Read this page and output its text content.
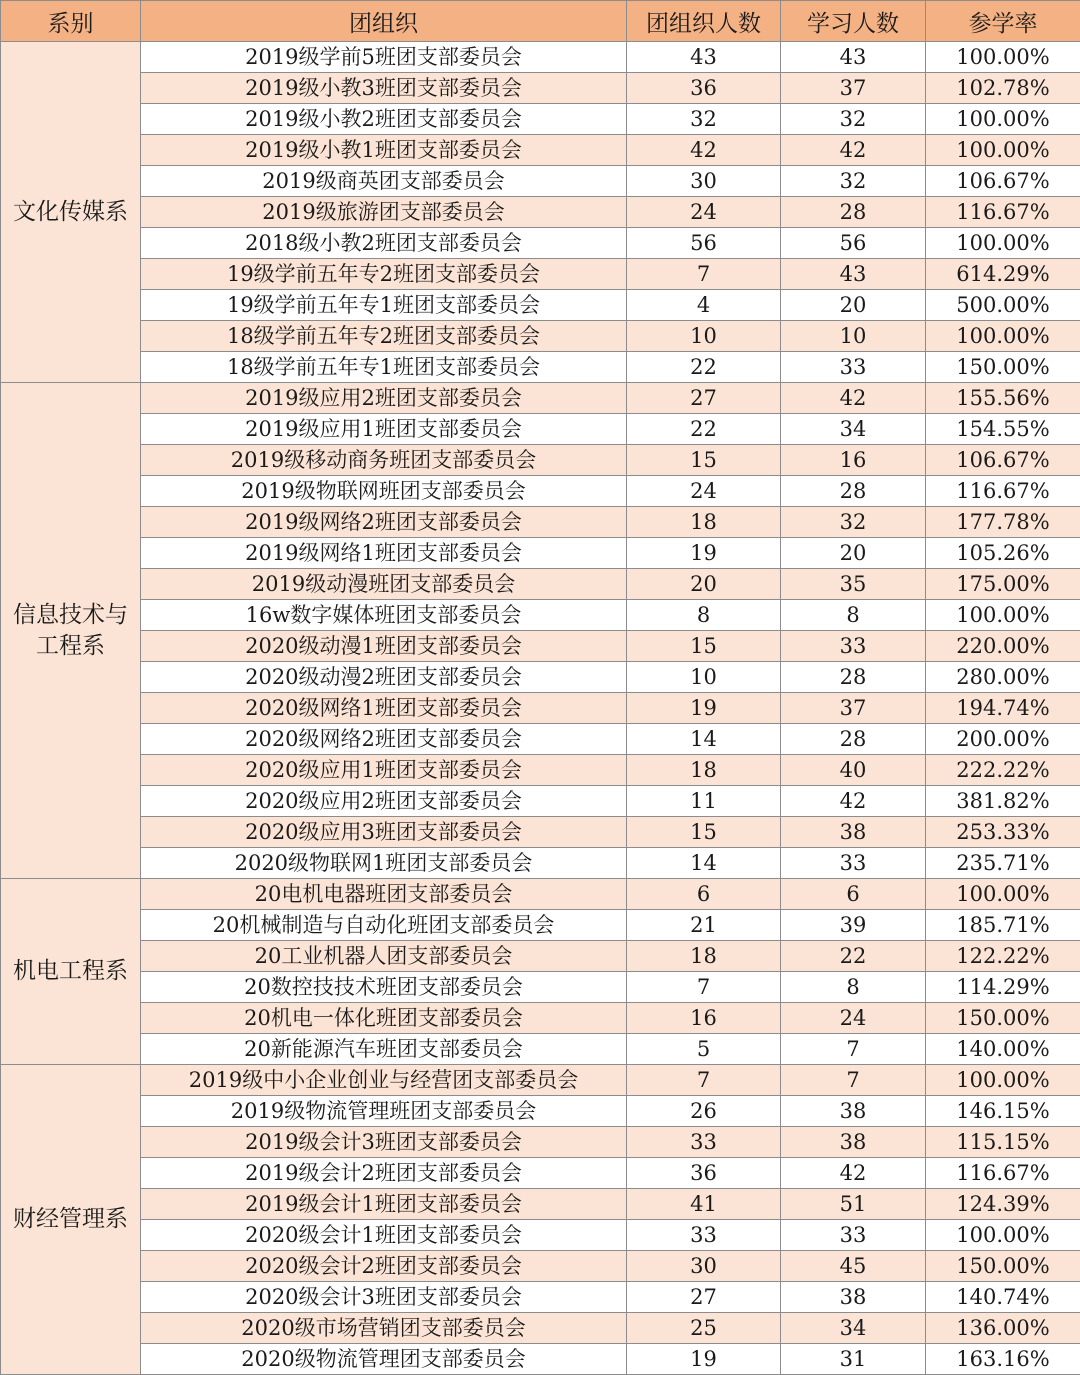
系别	团组织	团组织人数	学习人数	参学率
文化传媒系	2019级学前5班团支部委员会	43	43	100.00%
	2019级小教3班团支部委员会	36	37	102.78%
	2019级小教2班团支部委员会	32	32	100.00%
	2019级小教1班团支部委员会	42	42	100.00%
	2019级商英团支部委员会	30	32	106.67%
	2019级旅游团支部委员会	24	28	116.67%
	2018级小教2班团支部委员会	56	56	100.00%
	19级学前五年专2班团支部委员会	7	43	614.29%
	19级学前五年专1班团支部委员会	4	20	500.00%
	18级学前五年专2班团支部委员会	10	10	100.00%
	18级学前五年专1班团支部委员会	22	33	150.00%
信息技术与工程系	2019级应用2班团支部委员会	27	42	155.56%
	2019级应用1班团支部委员会	22	34	154.55%
	2019级移动商务班团支部委员会	15	16	106.67%
	2019级物联网班团支部委员会	24	28	116.67%
	2019级网络2班团支部委员会	18	32	177.78%
	2019级网络1班团支部委员会	19	20	105.26%
	2019级动漫班团支部委员会	20	35	175.00%
	16w数字媒体班团支部委员会	8	8	100.00%
	2020级动漫1班团支部委员会	15	33	220.00%
	2020级动漫2班团支部委员会	10	28	280.00%
	2020级网络1班团支部委员会	19	37	194.74%
	2020级网络2班团支部委员会	14	28	200.00%
	2020级应用1班团支部委员会	18	40	222.22%
	2020级应用2班团支部委员会	11	42	381.82%
	2020级应用3班团支部委员会	15	38	253.33%
	2020级物联网1班团支部委员会	14	33	235.71%
机电工程系	20电机电器班团支部委员会	6	6	100.00%
	20机械制造与自动化班团支部委员会	21	39	185.71%
	20工业机器人团支部委员会	18	22	122.22%
	20数控技技术班团支部委员会	7	8	114.29%
	20机电一体化班团支部委员会	16	24	150.00%
	20新能源汽车班团支部委员会	5	7	140.00%
财经管理系	2019级中小企业创业与经营团支部委员会	7	7	100.00%
	2019级物流管理班团支部委员会	26	38	146.15%
	2019级会计3班团支部委员会	33	38	115.15%
	2019级会计2班团支部委员会	36	42	116.67%
	2019级会计1班团支部委员会	41	51	124.39%
	2020级会计1班团支部委员会	33	33	100.00%
	2020级会计2班团支部委员会	30	45	150.00%
	2020级会计3班团支部委员会	27	38	140.74%
	2020级市场营销团支部委员会	25	34	136.00%
	2020级物流管理团支部委员会	19	31	163.16%
